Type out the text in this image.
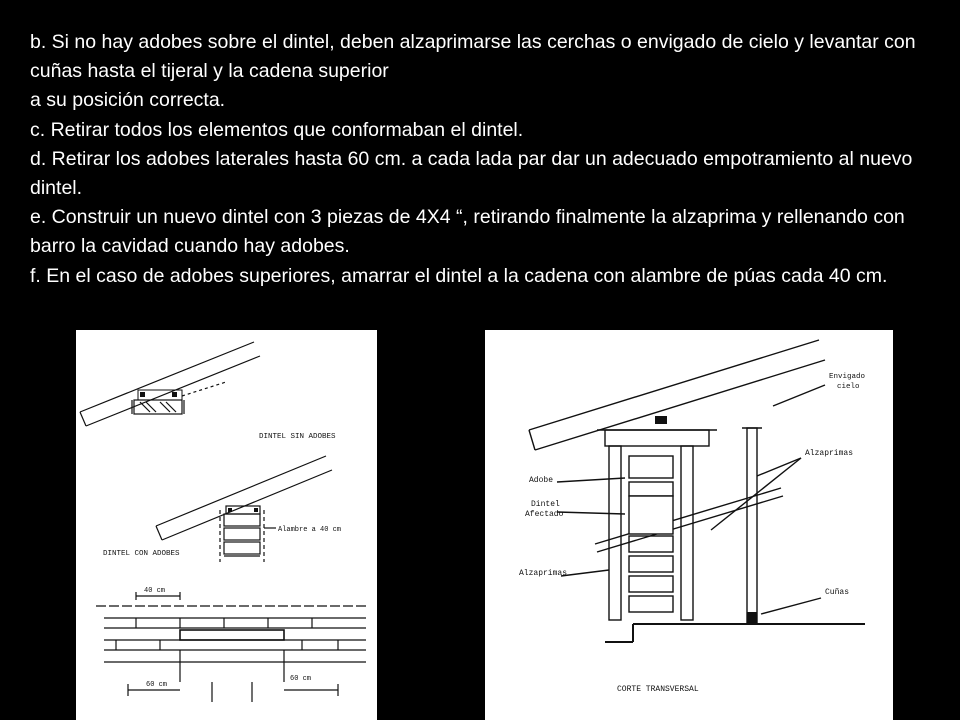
b. Si no hay adobes sobre el dintel, deben alzaprimarse las cerchas o envigado de cielo y levantar con cuñas hasta el tijeral y la cadena superior

a su posición correcta.

c. Retirar todos los elementos que conformaban el dintel.

d. Retirar los adobes laterales hasta 60 cm. a cada lada par dar un adecuado empotramiento al nuevo dintel.

e. Construir un nuevo dintel con 3 piezas de 4X4 “, retirando finalmente la alzaprima y rellenando con barro la cavidad cuando hay adobes.

f. En el caso de adobes superiores, amarrar el dintel a la cadena con alambre de púas cada 40 cm.

DINTEL SIN ADOBES
DINTEL CON ADOBES
Alambre a 40 cm
40 cm
60 cm
60 cm
Envigado
cielo
Alzaprimas
Adobe
Dintel
Afectado
Alzaprimas
Cuñas
CORTE TRANSVERSAL
